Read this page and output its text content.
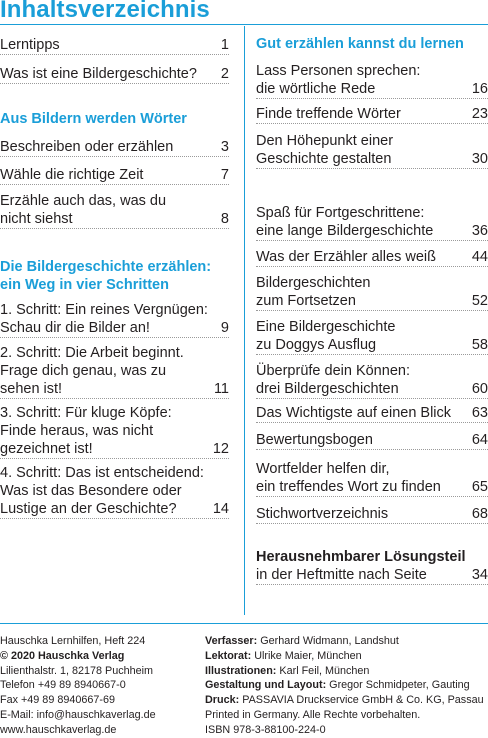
Inhaltsverzeichnis
Lerntipps	1
Was ist eine Bildergeschichte? 2
Aus Bildern werden Wörter
Beschreiben oder erzählen	3
Wähle die richtige Zeit	7
Erzähle auch das, was du
nicht siehst	8
Die Bildergeschichte erzählen:
ein Weg in vier Schritten
1. Schritt: Ein reines Vergnügen:
Schau dir die Bilder an!	9
2. Schritt: Die Arbeit beginnt.
Frage dich genau, was zu
sehen ist!	11
3. Schritt: Für kluge Köpfe:
Finde heraus, was nicht
gezeichnet ist!	12
4. Schritt: Das ist entscheidend:
Was ist das Besondere oder
Lustige an der Geschichte?	14
Gut erzählen kannst du lernen
Lass Personen sprechen:
die wörtliche Rede	16
Finde treffende Wörter	23
Den Höhepunkt einer
Geschichte gestalten	30
Spaß für Fortgeschrittene:
eine lange Bildergeschichte	36
Was der Erzähler alles weiß 44
Bildergeschichten
zum Fortsetzen	52
Eine Bildergeschichte
zu Doggys Ausflug	58
Überprüfe dein Können:
drei Bildergeschichten	60
Das Wichtigste auf einen Blick 63
Bewertungsbogen	64
Wortfelder helfen dir,
ein treffendes Wort zu finden 65
Stichwortverzeichnis	68
Herausnehmbarer Lösungsteil
in der Heftmitte nach Seite	34
Hauschka Lernhilfen, Heft 224
© 2020 Hauschka Verlag
Lilienthalstr. 1, 82178 Puchheim
Telefon +49 89 8940667-0
Fax +49 89 8940667-69
E-Mail: info@hauschkaverlag.de
www.hauschkaverlag.de
Verfasser: Gerhard Widmann, Landshut
Lektorat: Ulrike Maier, München
Illustrationen: Karl Feil, München
Gestaltung und Layout: Gregor Schmidpeter, Gauting
Druck: PASSAVIA Druckservice GmbH & Co. KG, Passau
Printed in Germany. Alle Rechte vorbehalten.
ISBN 978-3-88100-224-0
